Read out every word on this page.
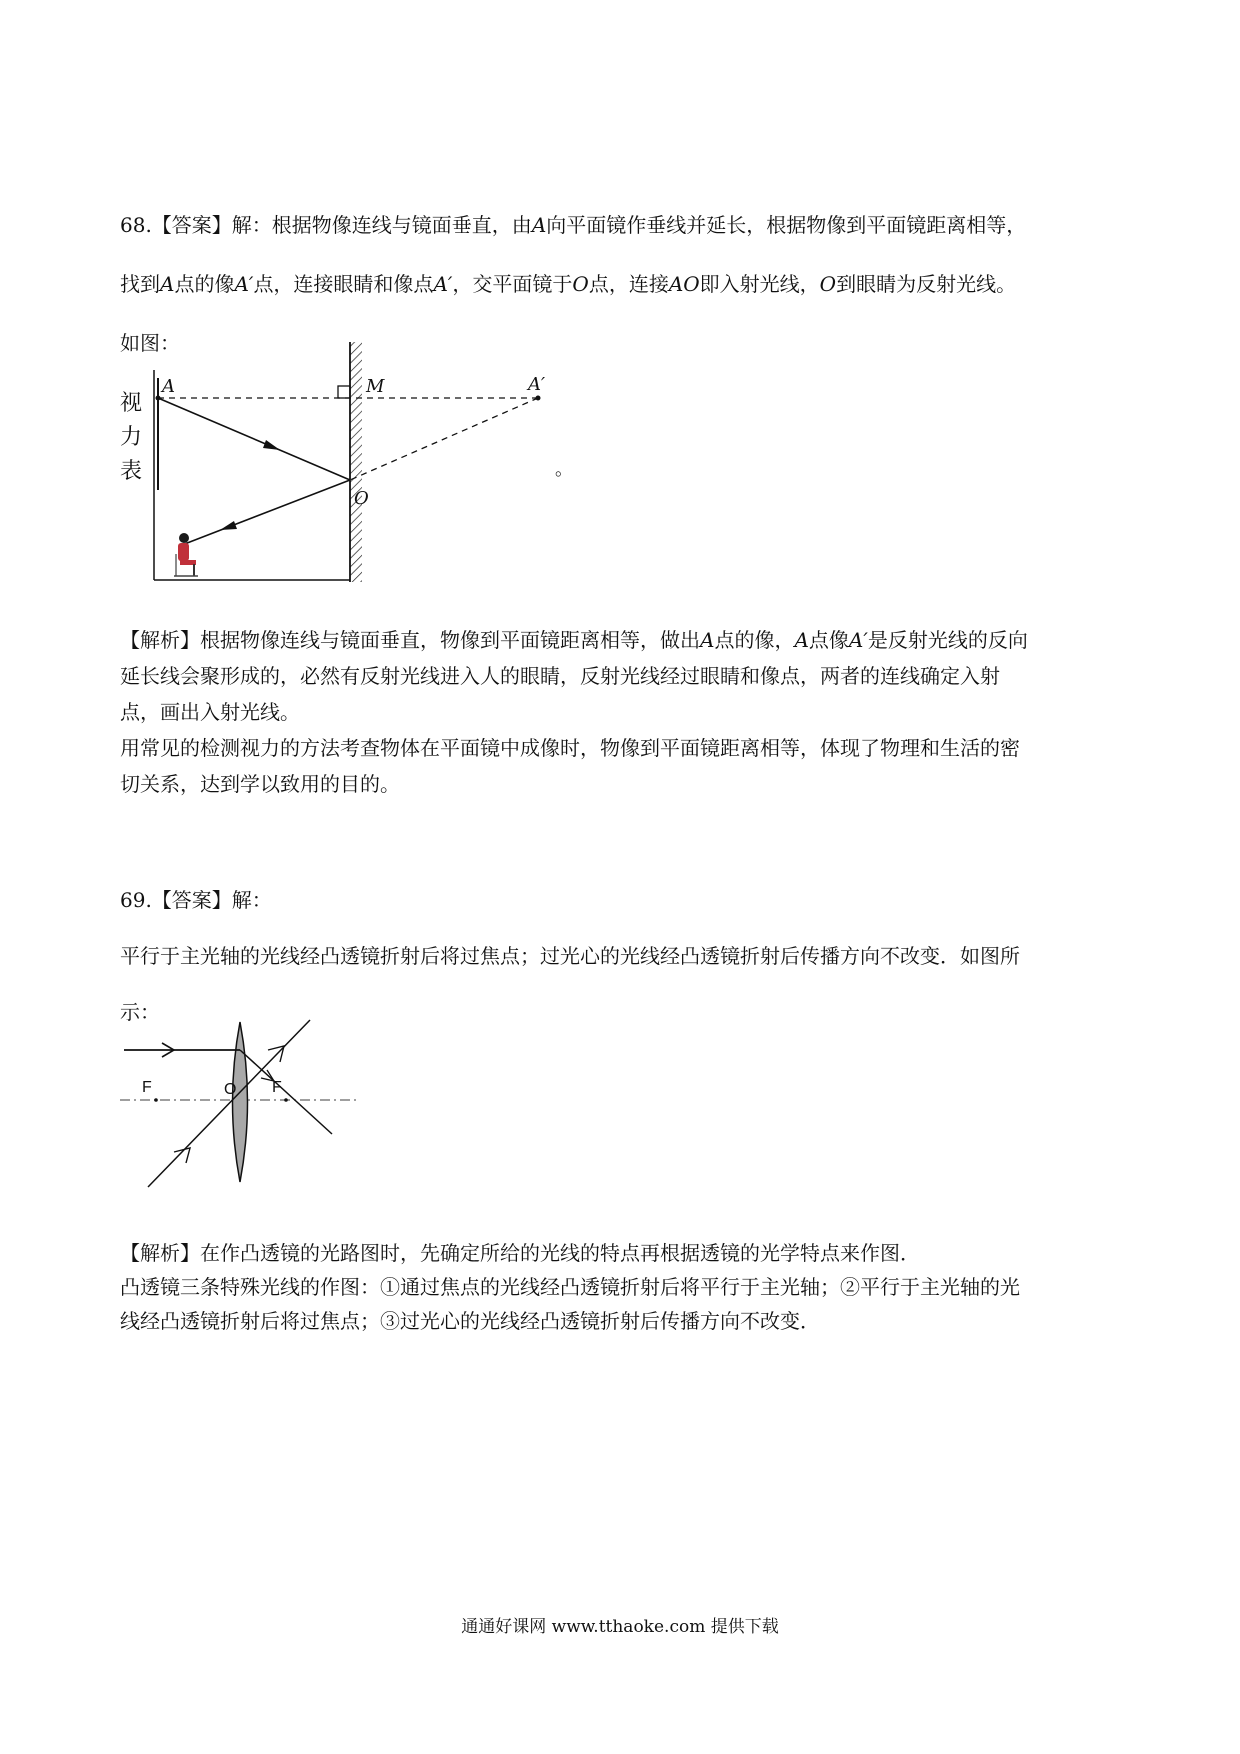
68.【答案】解：根据物像连线与镜面垂直，由A向平面镜作垂线并延长，根据物像到平面镜距离相等，
找到A点的像A′点，连接眼睛和像点A′，交平面镜于O点，连接AO即入射光线，O到眼睛为反射光线。
如图：

A	M	A′
O
视
力
表	。

【解析】根据物像连线与镜面垂直，物像到平面镜距离相等，做出A点的像，A点像A′是反射光线的反向
延长线会聚形成的，必然有反射光线进入人的眼睛，反射光线经过眼睛和像点，两者的连线确定入射
点，画出入射光线。
用常见的检测视力的方法考查物体在平面镜中成像时，物像到平面镜距离相等，体现了物理和生活的密
切关系，达到学以致用的目的。

69.【答案】解：
平行于主光轴的光线经凸透镜折射后将过焦点；过光心的光线经凸透镜折射后传播方向不改变．如图所
示：

F	O F

【解析】在作凸透镜的光路图时，先确定所给的光线的特点再根据透镜的光学特点来作图．
凸透镜三条特殊光线的作图：①通过焦点的光线经凸透镜折射后将平行于主光轴；②平行于主光轴的光
线经凸透镜折射后将过焦点；③过光心的光线经凸透镜折射后传播方向不改变．

通通好课网 www.tthaoke.com 提供下载
